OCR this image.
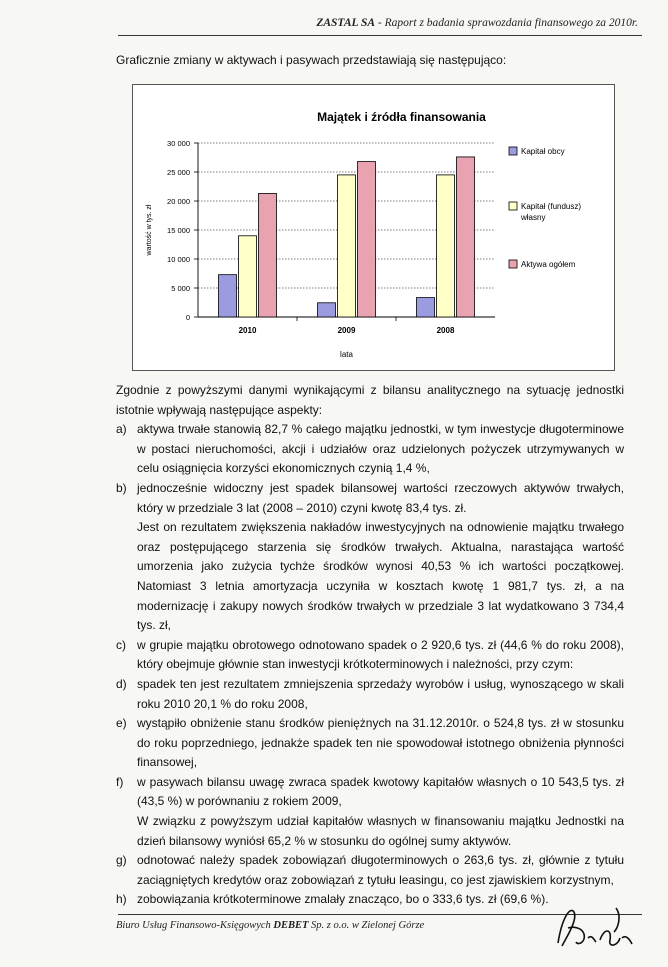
ZASTAL SA - Raport z badania sprawozdania finansowego za 2010r.
Graficznie zmiany w aktywach i pasywach przedstawiają się następująco:
Majątek i źródła finansowania
0
5 000
10 000
15 000
20 000
25 000
30 000
2010	2009	2008
lata
wartość w tys. zł
Kapitał obcy
Kapitał (fundusz)
własny
Aktywa ogółem

Zgodnie z powyższymi danymi wynikającymi z bilansu analitycznego na sytuację jednostki istotnie wpływają następujące aspekty:

a) aktywa trwałe stanowią 82,7 % całego majątku jednostki, w tym inwestycje długoterminowe w postaci nieruchomości, akcji i udziałów oraz udzielonych pożyczek utrzymywanych w celu osiągnięcia korzyści ekonomicznych czynią 1,4 %,

b) jednocześnie widoczny jest spadek bilansowej wartości rzeczowych aktywów trwałych, który w przedziale 3 lat (2008 – 2010) czyni kwotę 83,4 tys. zł.

Jest on rezultatem zwiększenia nakładów inwestycyjnych na odnowienie majątku trwałego oraz postępującego starzenia się środków trwałych. Aktualna, narastająca wartość umorzenia jako zużycia tychże środków wynosi 40,53 % ich wartości początkowej. Natomiast 3 letnia amortyzacja uczyniła w kosztach kwotę 1 981,7 tys. zł, a na modernizację i zakupy nowych środków trwałych w przedziale 3 lat wydatkowano 3 734,4 tys. zł,

c) w grupie majątku obrotowego odnotowano spadek o 2 920,6 tys. zł (44,6 % do roku 2008), który obejmuje głównie stan inwestycji krótkoterminowych i należności, przy czym:

d) spadek ten jest rezultatem zmniejszenia sprzedaży wyrobów i usług, wynoszącego w skali roku 2010 20,1 % do roku 2008,

e) wystąpiło obniżenie stanu środków pieniężnych na 31.12.2010r. o 524,8 tys. zł w stosunku do roku poprzedniego, jednakże spadek ten nie spowodował istotnego obniżenia płynności finansowej,

f) w pasywach bilansu uwagę zwraca spadek kwotowy kapitałów własnych o 10 543,5 tys. zł (43,5 %) w porównaniu z rokiem 2009,

W związku z powyższym udział kapitałów własnych w finansowaniu majątku Jednostki na dzień bilansowy wyniósł 65,2 % w stosunku do ogólnej sumy aktywów.

g) odnotować należy spadek zobowiązań długoterminowych o 263,6 tys. zł, głównie z tytułu zaciągniętych kredytów oraz zobowiązań z tytułu leasingu, co jest zjawiskiem korzystnym,

h) zobowiązania krótkoterminowe zmalały znacząco, bo o 333,6 tys. zł (69,6 %).

Biuro Usług Finansowo-Księgowych DEBET Sp. z o.o. w Zielonej Górze
